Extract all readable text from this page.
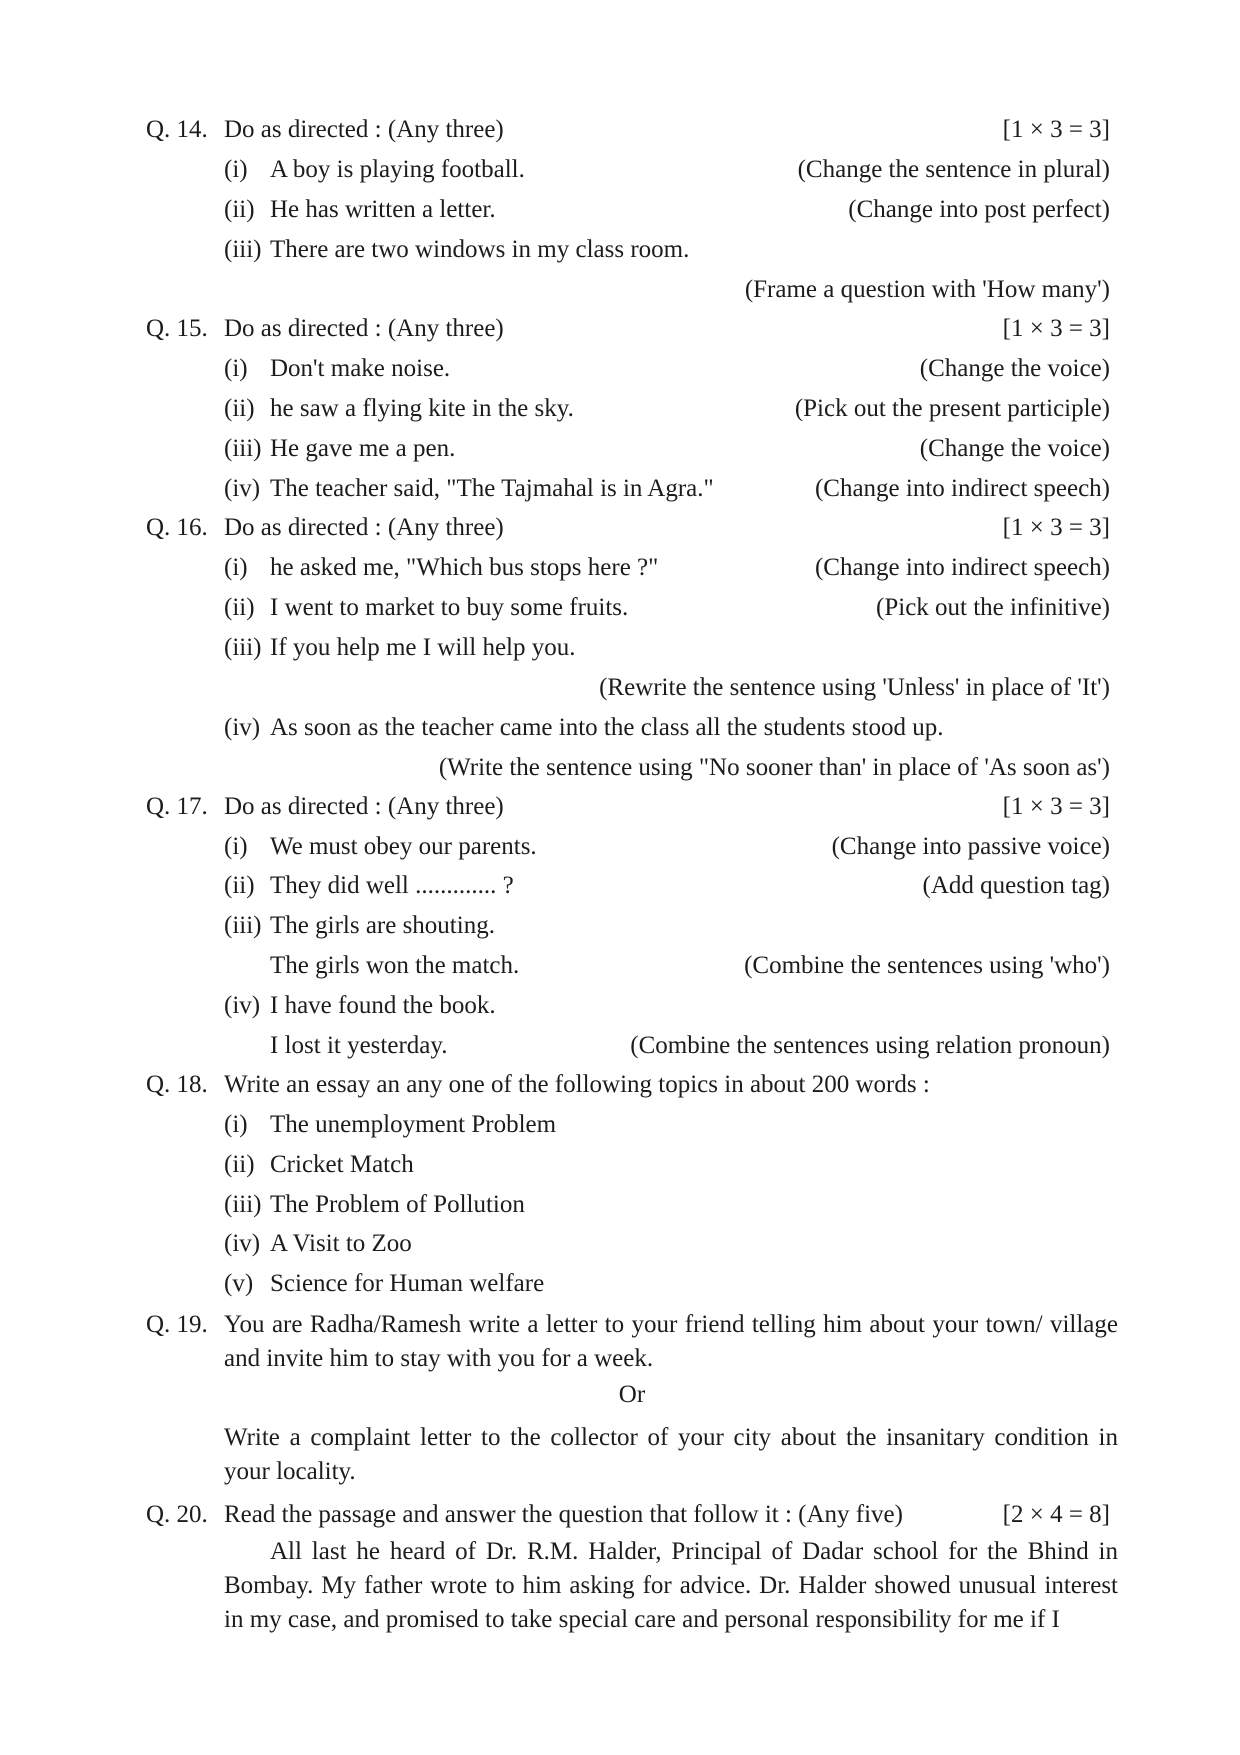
Q. 14. Do as directed : (Any three)	[1 × 3 = 3]
(i) A boy is playing football.	(Change the sentence in plural)
(ii) He has written a letter.	(Change into post perfect)
(iii) There are two windows in my class room.
(Frame a question with 'How many')
Q. 15. Do as directed : (Any three)	[1 × 3 = 3]
(i) Don't make noise.	(Change the voice)
(ii) he saw a flying kite in the sky.	(Pick out the present participle)
(iii) He gave me a pen.	(Change the voice)
(iv) The teacher said, "The Tajmahal is in Agra."	(Change into indirect speech)
Q. 16. Do as directed : (Any three)	[1 × 3 = 3]
(i) he asked me, "Which bus stops here ?"	(Change into indirect speech)
(ii) I went to market to buy some fruits.	(Pick out the infinitive)
(iii) If you help me I will help you.
(Rewrite the sentence using 'Unless' in place of 'It')
(iv) As soon as the teacher came into the class all the students stood up.
(Write the sentence using "No sooner than' in place of 'As soon as')
Q. 17. Do as directed : (Any three)	[1 × 3 = 3]
(i) We must obey our parents.	(Change into passive voice)
(ii) They did well ............. ?	(Add question tag)
(iii) The girls are shouting.
The girls won the match.	(Combine the sentences using 'who')
(iv) I have found the book.
I lost it yesterday.	(Combine the sentences using relation pronoun)
Q. 18. Write an essay an any one of the following topics in about 200 words :
(i) The unemployment Problem
(ii) Cricket Match
(iii) The Problem of Pollution
(iv) A Visit to Zoo
(v) Science for Human welfare
Q. 19. You are Radha/Ramesh write a letter to your friend telling him about your town/ village and invite him to stay with you for a week.
Or
Write a complaint letter to the collector of your city about the insanitary condition in your locality.
Q. 20. Read the passage and answer the question that follow it : (Any five)	[2 × 4 = 8]
All last he heard of Dr. R.M. Halder, Principal of Dadar school for the Bhind in Bombay. My father wrote to him asking for advice. Dr. Halder showed unusual interest in my case, and promised to take special care and personal responsibility for me if I
